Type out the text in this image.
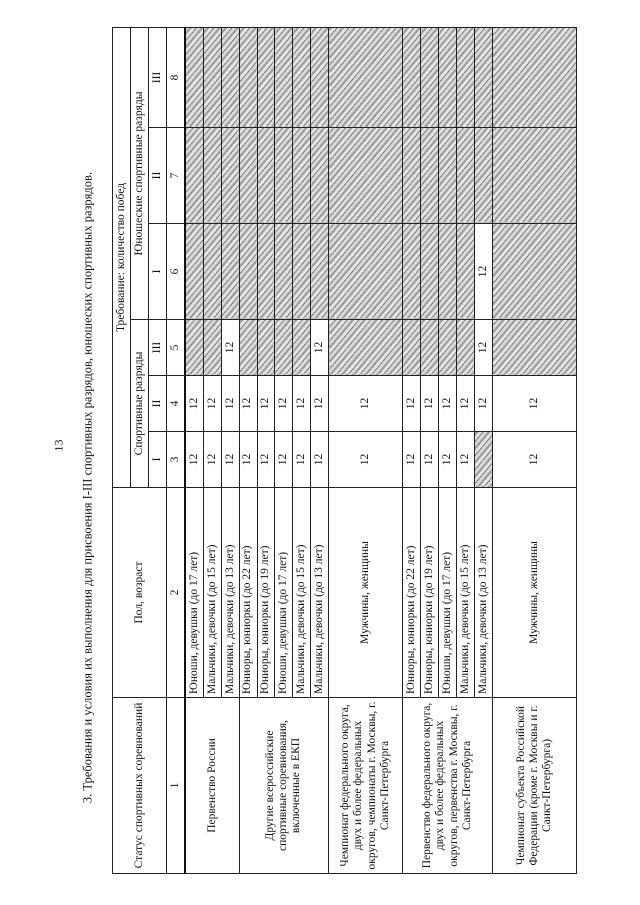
13 3. Требования и условия их выполнения для присвоения I-III спортивных разрядов, юношеских спортивных разрядов.	Статус спортивных соревнований	Пол, возраст	Требование: количество побед					
		Спортивные разряды			Юношеские спортивные разряды		
		I	II	III	I	II	III
1	2	3	4	5	6	7	8
Первенство России	Юноши, девушки (до 17 лет)	12	12				
	Мальчики, девочки (до 15 лет)	12	12				
	Мальчики, девочки (до 13 лет)	12	12	12			
Другие всероссийские спортивные соревнования, включенные в ЕКП	Юниоры, юниорки (до 22 лет)	12	12				
	Юниоры, юниорки (до 19 лет)	12	12				
	Юноши, девушки (до 17 лет)	12	12				
	Мальчики, девочки (до 15 лет)	12	12				
	Мальчики, девочки (до 13 лет)	12	12	12			
Чемпионат федерального округа, двух и более федеральных округов, чемпионаты г. Москвы, г. Санкт-Петербурга	Мужчины, женщины	12	12				
Первенство федерального округа, двух и более федеральных округов, первенства г. Москвы, г. Санкт-Петербурга	Юниоры, юниорки (до 22 лет)	12	12				
	Юниоры, юниорки (до 19 лет)	12	12				
	Юноши, девушки (до 17 лет)	12	12				
	Мальчики, девочки (до 15 лет)	12	12				
	Мальчики, девочки (до 13 лет)		12	12	12		
Чемпионат субъекта Российской Федерации (кроме г. Москвы и г. Санкт-Петербурга)	Мужчины, женщины	12	12				
